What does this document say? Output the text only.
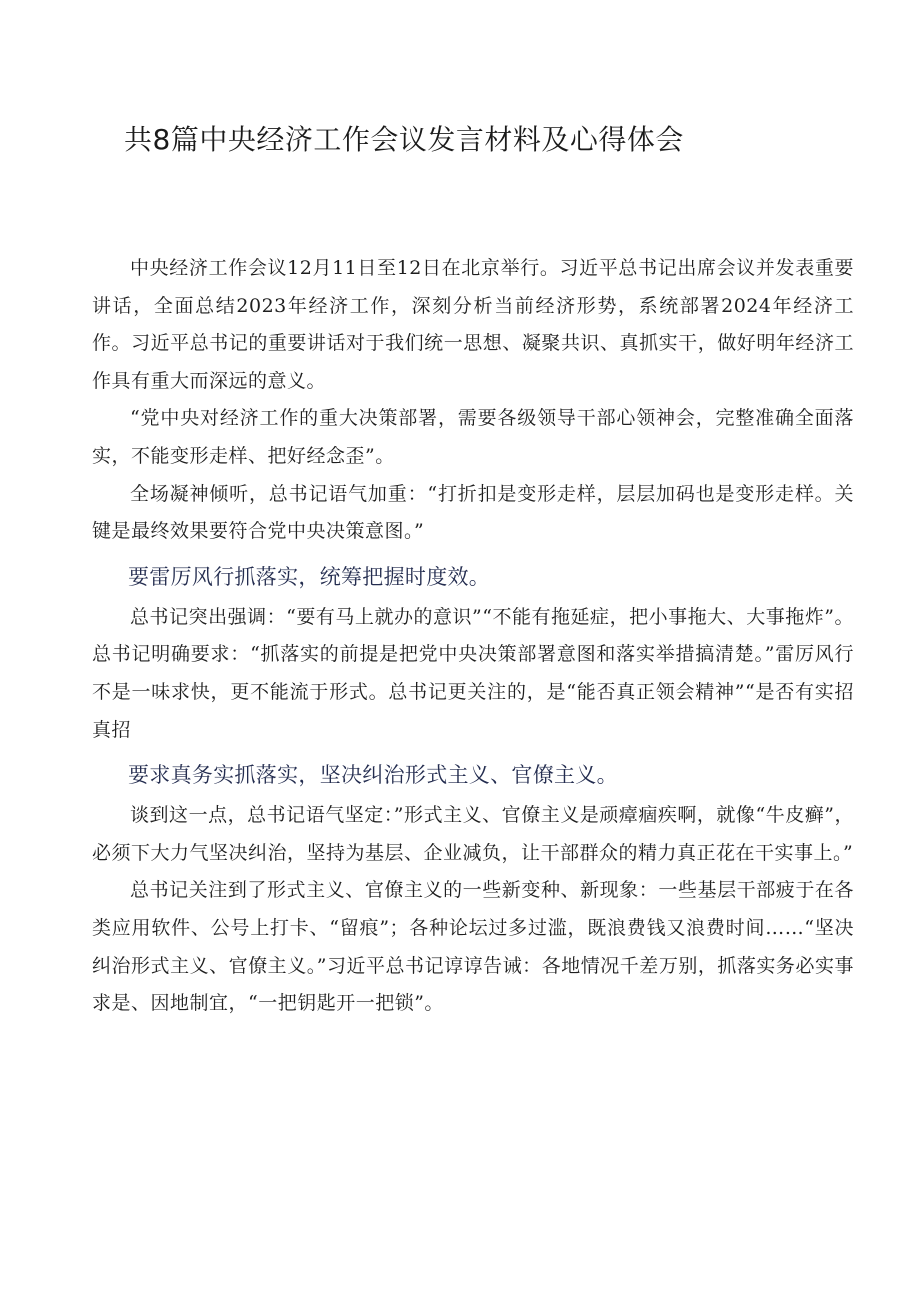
共8篇中央经济工作会议发言材料及心得体会

中央经济工作会议12月11日至12日在北京举行。习近平总书记出席会议并发表重要讲话，全面总结2023年经济工作，深刻分析当前经济形势，系统部署2024年经济工作。习近平总书记的重要讲话对于我们统一思想、凝聚共识、真抓实干，做好明年经济工作具有重大而深远的意义。

“党中央对经济工作的重大决策部署，需要各级领导干部心领神会，完整准确全面落实，不能变形走样、把好经念歪”。

全场凝神倾听，总书记语气加重：“打折扣是变形走样，层层加码也是变形走样。关键是最终效果要符合党中央决策意图。”

要雷厉风行抓落实，统筹把握时度效。

总书记突出强调：“要有马上就办的意识”“不能有拖延症，把小事拖大、大事拖炸”。总书记明确要求：“抓落实的前提是把党中央决策部署意图和落实举措搞清楚。”雷厉风行不是一味求快，更不能流于形式。总书记更关注的，是“能否真正领会精神”“是否有实招真招

要求真务实抓落实，坚决纠治形式主义、官僚主义。

谈到这一点，总书记语气坚定：”形式主义、官僚主义是顽瘴痼疾啊，就像“牛皮癣”，必须下大力气坚决纠治，坚持为基层、企业减负，让干部群众的精力真正花在干实事上。”

总书记关注到了形式主义、官僚主义的一些新变种、新现象：一些基层干部疲于在各类应用软件、公号上打卡、“留痕”；各种论坛过多过滥，既浪费钱又浪费时间……“坚决纠治形式主义、官僚主义。”习近平总书记谆谆告诫：各地情况千差万别，抓落实务必实事求是、因地制宜，“一把钥匙开一把锁”。
